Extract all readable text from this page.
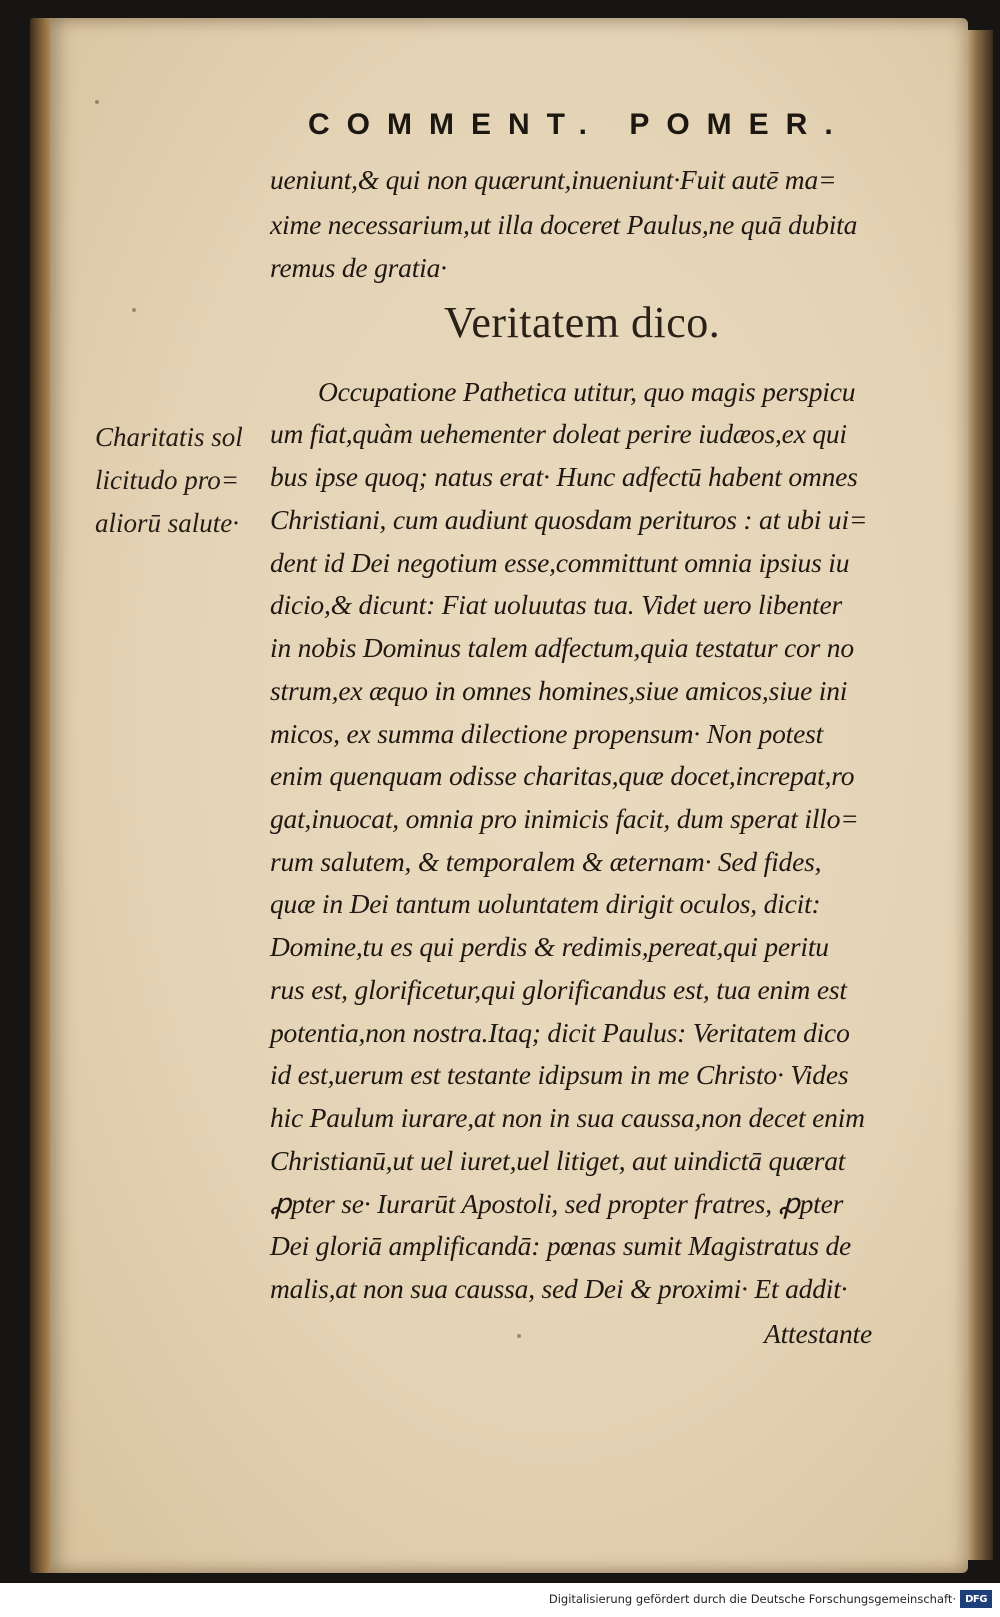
COMMENT. POMER.
ueniunt,& qui non quærunt,inueniunt·Fuit autē ma=
xime necessarium,ut illa doceret Paulus,ne quā dubita
remus de gratia·
Veritatem dico.
Occupatione Pathetica utitur, quo magis perspicu
um fiat,quàm uehementer doleat perire iudæos,ex qui
bus ipse quoq; natus erat· Hunc adfectū habent omnes
Christiani, cum audiunt quosdam perituros : at ubi ui=
dent id Dei negotium esse,committunt omnia ipsius iu
dicio,& dicunt: Fiat uoluutas tua. Videt uero libenter
in nobis Dominus talem adfectum,quia testatur cor no
strum,ex æquo in omnes homines,siue amicos,siue ini
micos, ex summa dilectione propensum· Non potest
enim quenquam odisse charitas,quæ docet,increpat,ro
gat,inuocat, omnia pro inimicis facit, dum sperat illo=
rum salutem, & temporalem & æternam· Sed fides,
quæ in Dei tantum uoluntatem dirigit oculos, dicit:
Domine,tu es qui perdis & redimis,pereat,qui peritu
rus est, glorificetur,qui glorificandus est, tua enim est
potentia,non nostra.Itaq; dicit Paulus: Veritatem dico
id est,uerum est testante idipsum in me Christo· Vides
hic Paulum iurare,at non in sua caussa,non decet enim
Christianū,ut uel iuret,uel litiget, aut uindictā quærat
ꝓpter se· Iurarūt Apostoli, sed propter fratres, ꝓpter
Dei gloriā amplificandā: pœnas sumit Magistratus de
malis,at non sua caussa, sed Dei & proximi· Et addit·
Attestante
Charitatis sol
licitudo pro=
aliorū salute·
Digitalisierung gefördert durch die Deutsche Forschungsgemeinschaft· DFG
